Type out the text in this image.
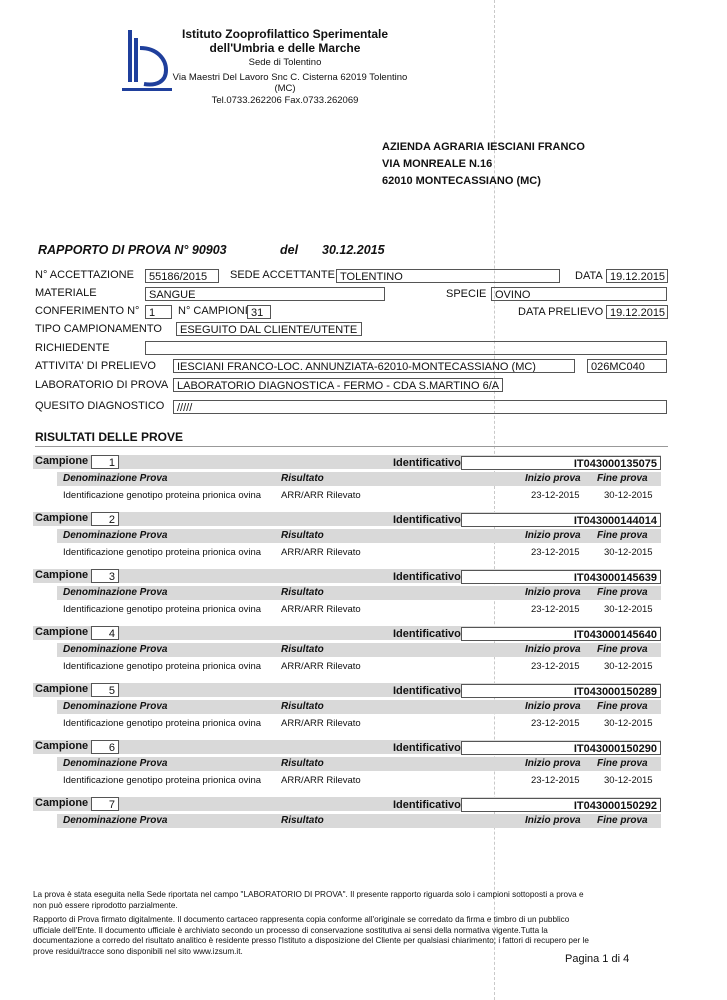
Istituto Zooprofilattico Sperimentale
dell'Umbria e delle Marche
Sede di Tolentino
Via Maestri Del Lavoro Snc C. Cisterna 62019 Tolentino
(MC)
Tel.0733.262206 Fax.0733.262069
AZIENDA AGRARIA IESCIANI FRANCO
VIA MONREALE N.16
62010 MONTECASSIANO (MC)
RAPPORTO DI PROVA N° 90903	del 30.12.2015
N° ACCETTAZIONE	55186/2015	SEDE ACCETTANTE TOLENTINO	DATA 19.12.2015
MATERIALE	SANGUE	SPECIE OVINO
CONFERIMENTO N° 1	N° CAMPIONI 31	DATA PRELIEVO 19.12.2015
TIPO CAMPIONAMENTO	ESEGUITO DAL CLIENTE/UTENTE
RICHIEDENTE
ATTIVITA' DI PRELIEVO	IESCIANI FRANCO-LOC. ANNUNZIATA-62010-MONTECASSIANO (MC)	026MC040
LABORATORIO DI PROVA LABORATORIO DIAGNOSTICA - FERMO - CDA S.MARTINO 6/A
QUESITO DIAGNOSTICO	/////
RISULTATI DELLE PROVE
Campione	1	Identificativo	IT043000135075
Denominazione Prova	Risultato	Inizio prova Fine prova
Identificazione genotipo proteina prionica ovina ARR/ARR Rilevato	23-12-2015	30-12-2015
Campione	2	Identificativo	IT043000144014
Denominazione Prova	Risultato	Inizio prova Fine prova
Identificazione genotipo proteina prionica ovina ARR/ARR Rilevato	23-12-2015	30-12-2015
Campione	3	Identificativo	IT043000145639
Denominazione Prova	Risultato	Inizio prova Fine prova
Identificazione genotipo proteina prionica ovina ARR/ARR Rilevato	23-12-2015	30-12-2015
Campione	4	Identificativo	IT043000145640
Denominazione Prova	Risultato	Inizio prova Fine prova
Identificazione genotipo proteina prionica ovina ARR/ARR Rilevato	23-12-2015	30-12-2015
Campione	5	Identificativo	IT043000150289
Denominazione Prova	Risultato	Inizio prova Fine prova
Identificazione genotipo proteina prionica ovina ARR/ARR Rilevato	23-12-2015	30-12-2015
Campione	6	Identificativo	IT043000150290
Denominazione Prova	Risultato	Inizio prova Fine prova
Identificazione genotipo proteina prionica ovina ARR/ARR Rilevato	23-12-2015	30-12-2015
Campione	7	Identificativo	IT043000150292
Denominazione Prova	Risultato	Inizio prova Fine prova
La prova è stata eseguita nella Sede riportata nel campo "LABORATORIO DI PROVA". Il presente rapporto riguarda solo i campioni sottoposti a prova e non può essere riprodotto parzialmente.
Rapporto di Prova firmato digitalmente. Il documento cartaceo rappresenta copia conforme all'originale se corredato da firma e timbro di un pubblico ufficiale dell'Ente. Il documento ufficiale è archiviato secondo un processo di conservazione sostitutiva ai sensi della normativa vigente.Tutta la documentazione a corredo del risultato analitico è residente presso l'Istituto a disposizione del Cliente per qualsiasi chiarimento; i fattori di recupero per le prove residui/tracce sono disponibili nel sito www.izsum.it.
Pagina 1 di 4
